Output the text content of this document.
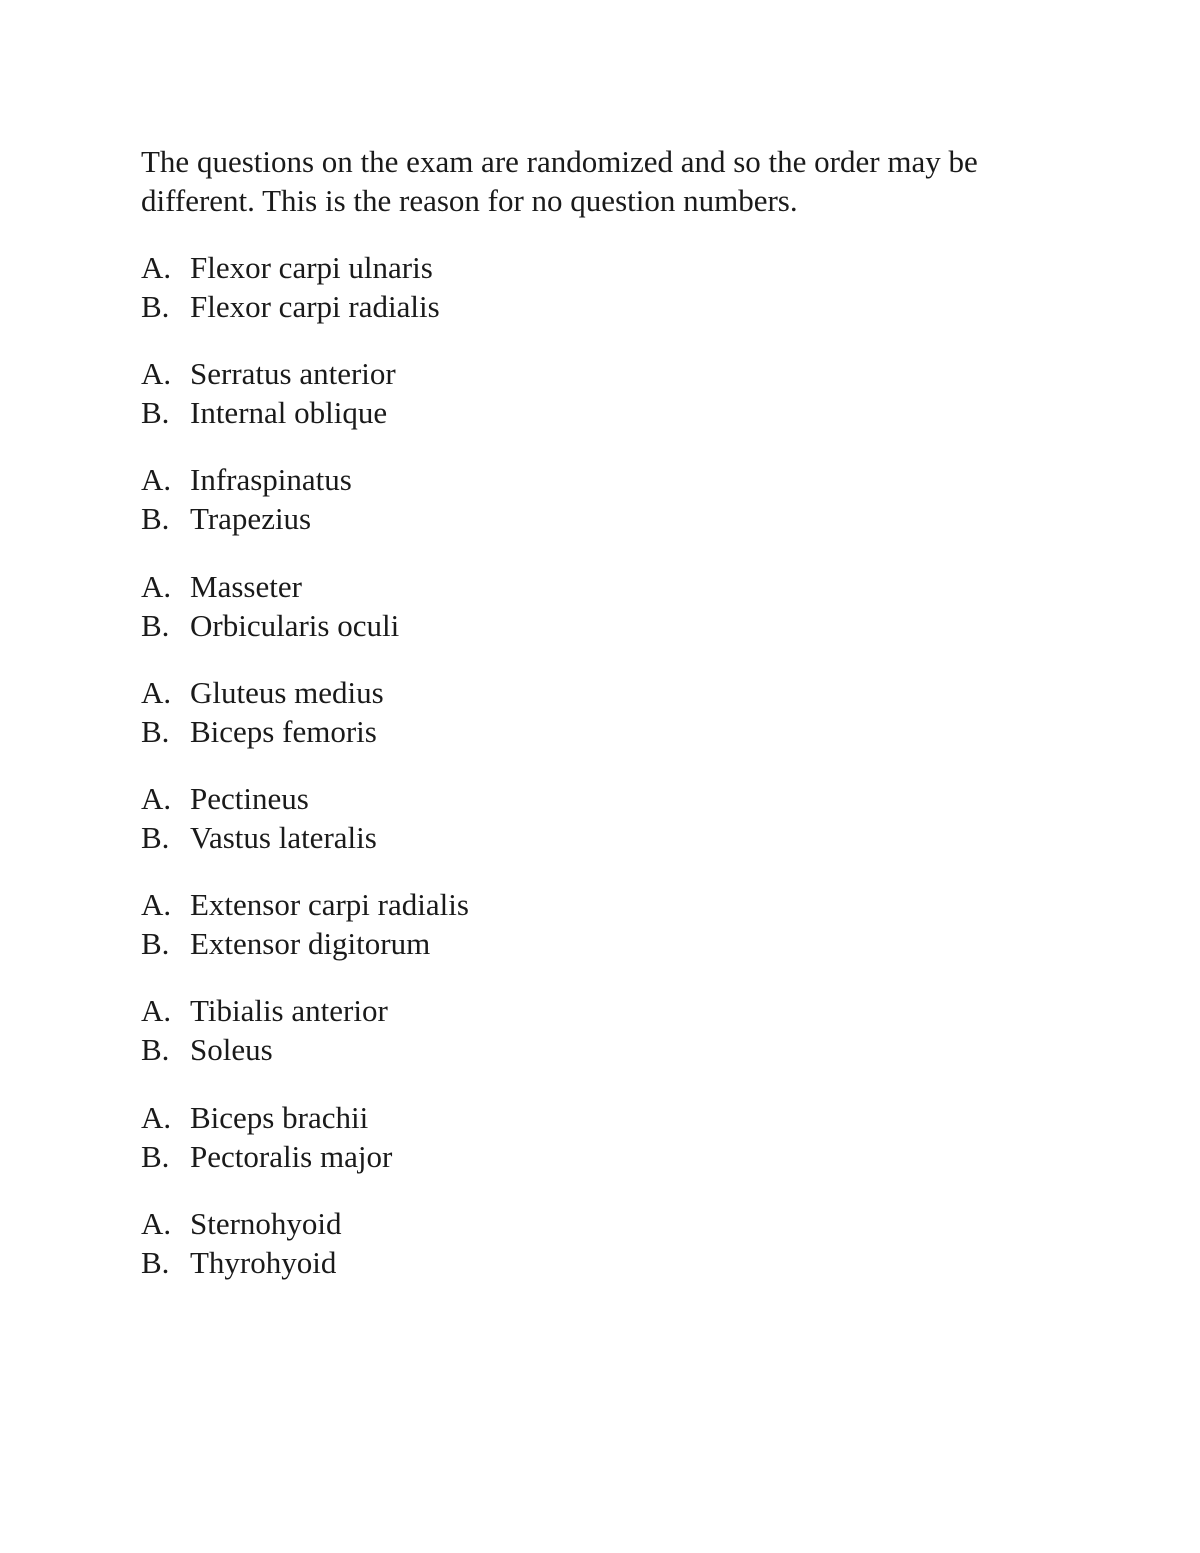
The questions on the exam are randomized and so the order may be
different. This is the reason for no question numbers.

A. Flexor carpi ulnaris
B. Flexor carpi radialis
A. Serratus anterior
B. Internal oblique
A. Infraspinatus
B. Trapezius
A. Masseter
B. Orbicularis oculi
A. Gluteus medius
B. Biceps femoris
A. Pectineus
B. Vastus lateralis
A. Extensor carpi radialis
B. Extensor digitorum
A. Tibialis anterior
B. Soleus
A. Biceps brachii
B. Pectoralis major
A. Sternohyoid
B. Thyrohyoid
